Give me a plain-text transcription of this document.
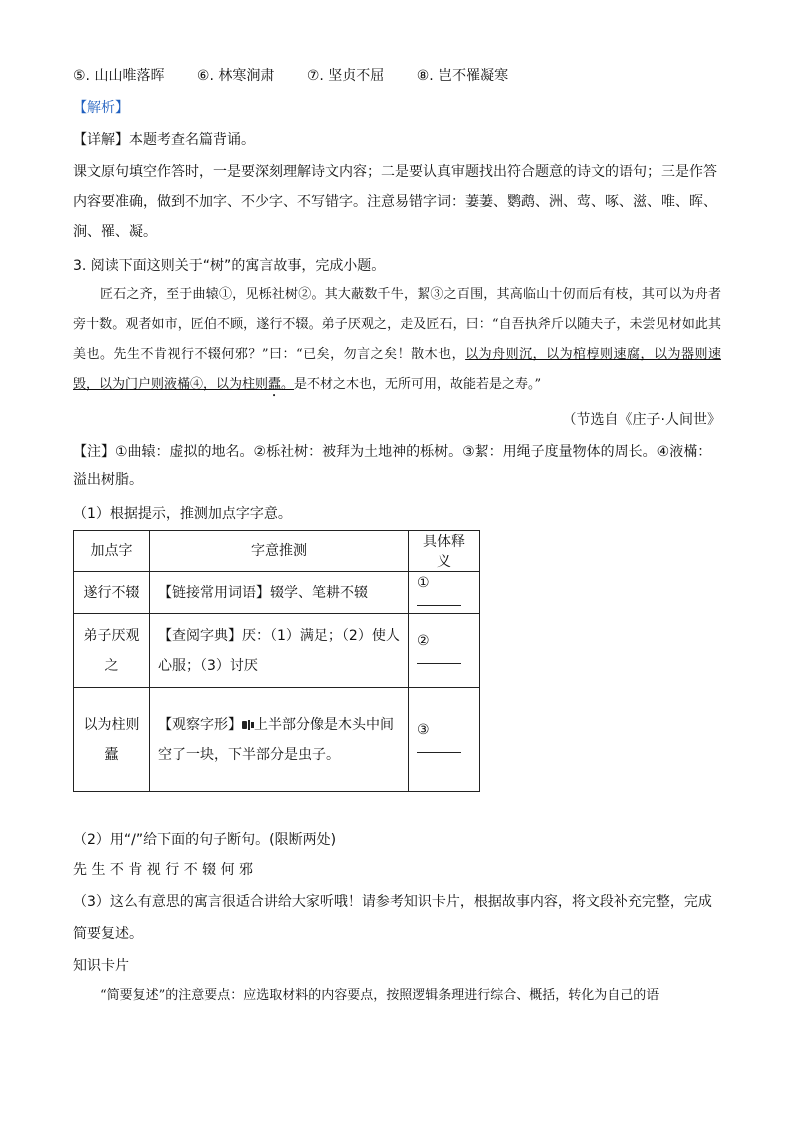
⑤. 山山唯落晖 ⑥. 林寒涧肃 ⑦. 坚贞不屈 ⑧. 岂不罹凝寒
【解析】
【详解】本题考查名篇背诵。
课文原句填空作答时，一是要深刻理解诗文内容；二是要认真审题找出符合题意的诗文的语句；三是作答
内容要准确，做到不加字、不少字、不写错字。注意易错字词：萋萋、鹦鹉、洲、莺、啄、滋、唯、晖、
涧、罹、凝。
3. 阅读下面这则关于“树”的寓言故事，完成小题。
匠石之齐，至于曲辕①，见栎社树②。其大蔽数千牛，絜③之百围，其高临山十仞而后有枝，其可以为舟者旁十数。观者如市，匠伯不顾，遂行不辍。弟子厌观之，走及匠石，曰：“自吾执斧斤以随夫子，未尝见材如此其美也。先生不肯视行不辍何邪？”曰：“已矣，勿言之矣！散木也，以为舟则沉，以为棺椁则速腐，以为器则速毁，以为门户则液樠④，以为柱则蠹。是不材之木也，无所可用，故能若是之寿。”
（节选自《庄子·人间世》
【注】①曲辕：虚拟的地名。②栎社树：被拜为土地神的栎树。③絜：用绳子度量物体的周长。④液樠：溢出树脂。
（1）根据提示，推测加点字字意。
加点字	字意推测	具体释义
遂行不辍	【链接常用词语】辍学、笔耕不辍	①
弟子厌观之	【查阅字典】厌：（1）满足；（2）使人心服；（3）讨厌	②
以为柱则蠹	【观察字形】 上半部分像是木头中间空了一块，下半部分是虫子。	③
（2）用“/”给下面的句子断句。(限断两处)
先 生 不 肯 视 行 不 辍 何 邪
（3）这么有意思的寓言很适合讲给大家听哦！请参考知识卡片，根据故事内容，将文段补充完整，完成
简要复述。
知识卡片
“简要复述”的注意要点：应选取材料的内容要点，按照逻辑条理进行综合、概括，转化为自己的语
